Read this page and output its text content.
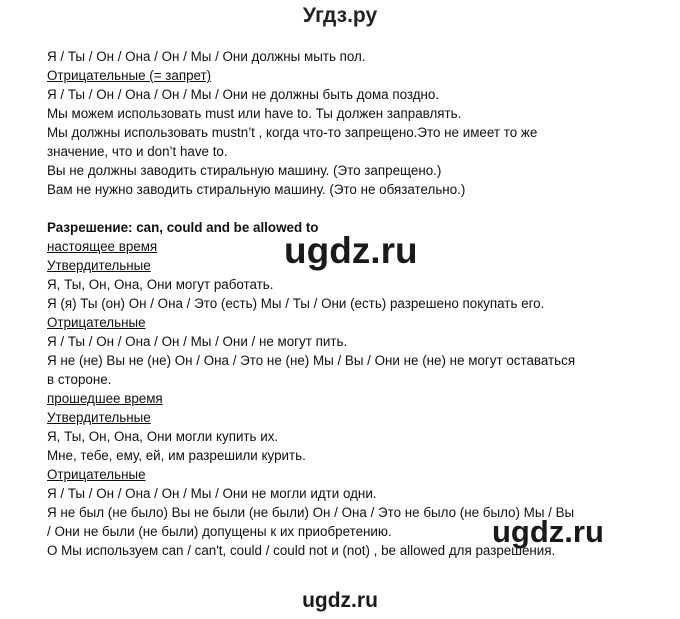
Угдз.ру
Я / Ты / Он / Она / Он / Мы / Они должны мыть пол.
Отрицательные (= запрет)
Я / Ты / Он / Она / Он / Мы / Они не должны быть дома поздно.
Мы можем использовать must или have to. Ты должен заправлять.
Мы должны использовать mustn’t , когда что-то запрещено.Это не имеет то же
значение, что и don’t have to.
Вы не должны заводить стиральную машину. (Это запрещено.)
Вам не нужно заводить стиральную машину. (Это не обязательно.)
Разрешение: can, could and be allowed to
настоящее время
Утвердительные
Я, Ты, Он, Она, Они могут работать.
Я (я) Ты (он) Он / Она / Это (есть) Мы / Ты / Они (есть) разрешено покупать его.
Отрицательные
Я / Ты / Он / Она / Он / Мы / Они / не могут пить.
Я не (не) Вы не (не) Он / Она / Это не (не) Мы / Вы / Они не (не) не могут оставаться
в стороне.
прошедшее время
Утвердительные
Я, Ты, Он, Она, Они могли купить их.
Мне, тебе, ему, ей, им разрешили курить.
Отрицательные
Я / Ты / Он / Она / Он / Мы / Они не могли идти одни.
Я не был (не было) Вы не были (не были) Он / Она / Это не было (не было) Мы / Вы
/ Они не были (не были) допущены к их приобретению.
О Мы используем can / can't, could / could not и (not) , be allowed для разрешения.
ugdz.ru
ugdz.ru
ugdz.ru
